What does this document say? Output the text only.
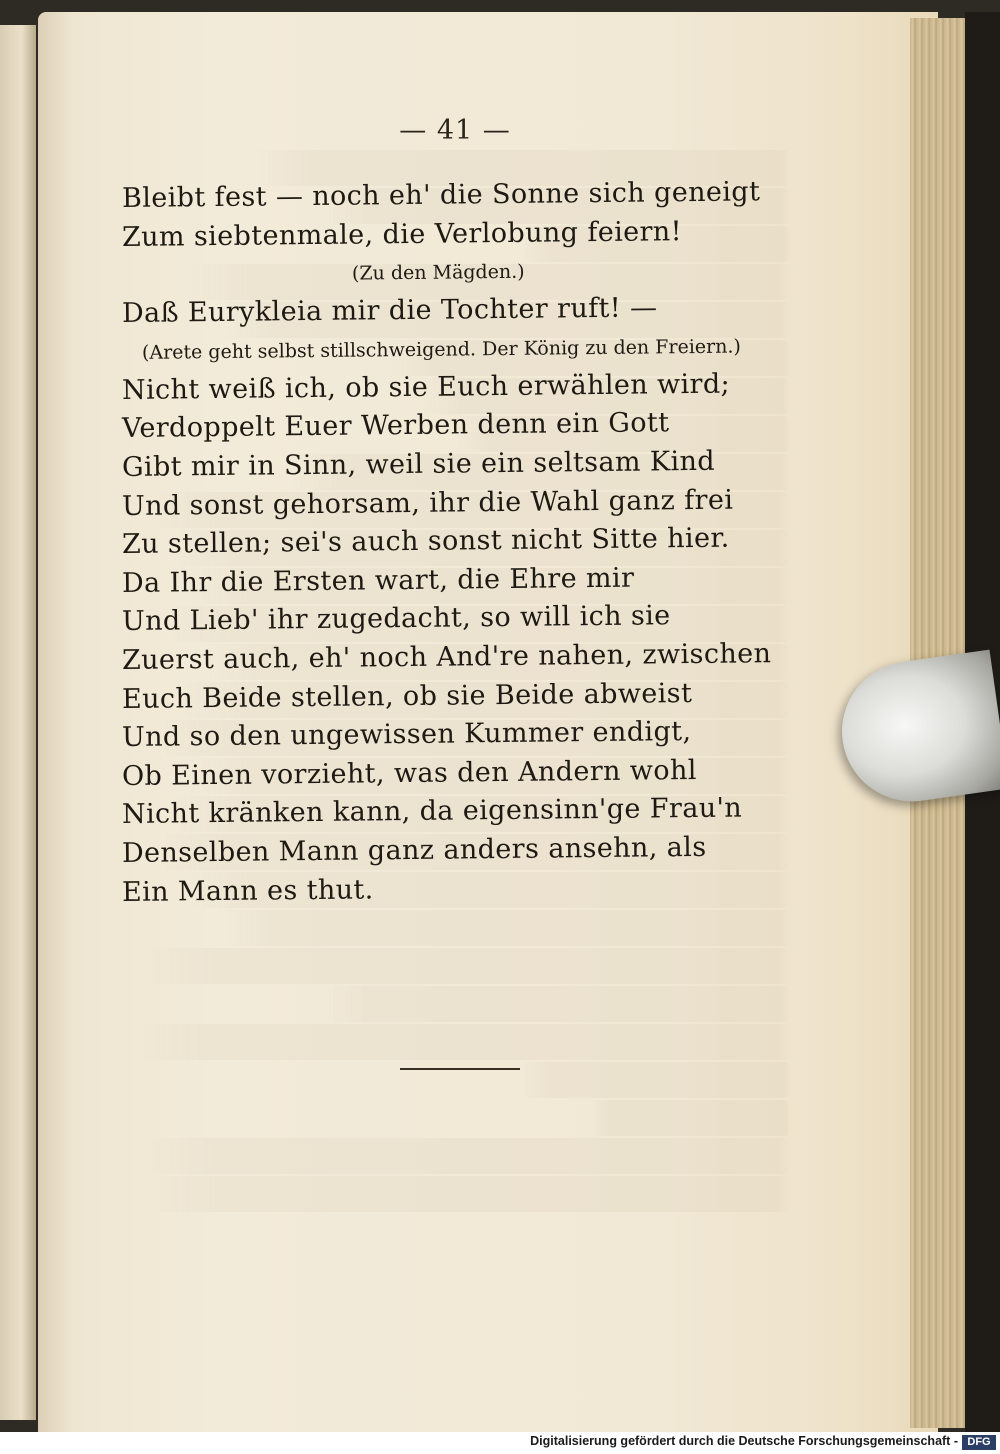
— 41 —
Bleibt fest — noch eh' die Sonne sich geneigt
Zum siebtenmale, die Verlobung feiern!
(Zu den Mägden.)
Daß Eurykleia mir die Tochter ruft! —
(Arete geht selbst stillschweigend. Der König zu den Freiern.)
Nicht weiß ich, ob sie Euch erwählen wird;
Verdoppelt Euer Werben denn ein Gott
Gibt mir in Sinn, weil sie ein seltsam Kind
Und sonst gehorsam, ihr die Wahl ganz frei
Zu stellen; sei's auch sonst nicht Sitte hier.
Da Ihr die Ersten wart, die Ehre mir
Und Lieb' ihr zugedacht, so will ich sie
Zuerst auch, eh' noch And're nahen, zwischen
Euch Beide stellen, ob sie Beide abweist
Und so den ungewissen Kummer endigt,
Ob Einen vorzieht, was den Andern wohl
Nicht kränken kann, da eigensinn'ge Frau'n
Denselben Mann ganz anders ansehn, als
Ein Mann es thut.
Digitalisierung gefördert durch die Deutsche Forschungsgemeinschaft - DFG
